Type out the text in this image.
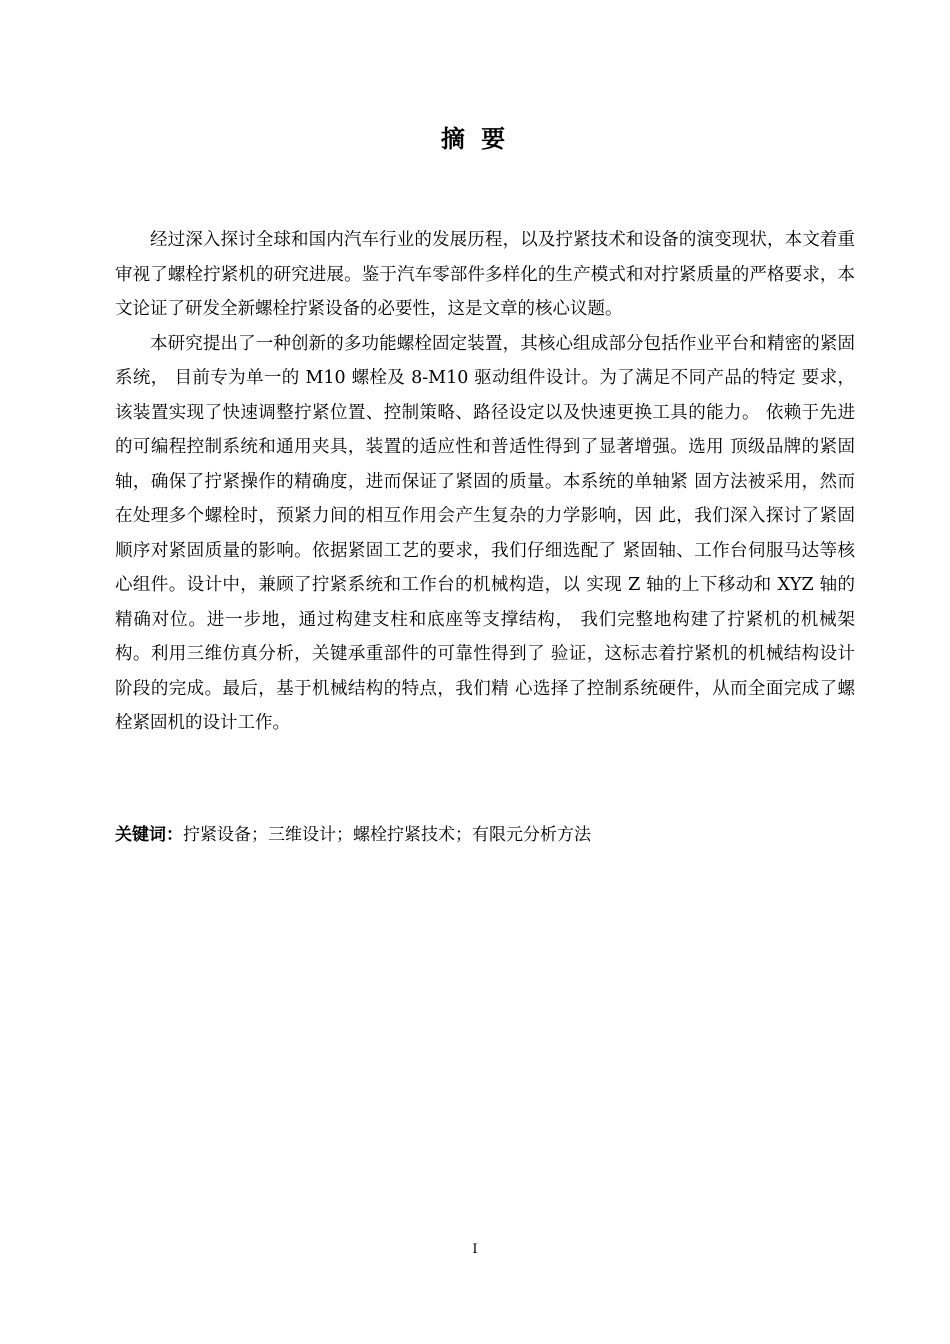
摘 要

经过深入探讨全球和国内汽车行业的发展历程，以及拧紧技术和设备的演变现状，本文着重审视了螺栓拧紧机的研究进展。鉴于汽车零部件多样化的生产模式和对拧紧质量的严格要求，本文论证了研发全新螺栓拧紧设备的必要性，这是文章的核心议题。

本研究提出了一种创新的多功能螺栓固定装置，其核心组成部分包括作业平台和精密的紧固系统， 目前专为单一的 M10 螺栓及 8-M10 驱动组件设计。为了满足不同产品的特定 要求，该装置实现了快速调整拧紧位置、控制策略、路径设定以及快速更换工具的能力。 依赖于先进的可编程控制系统和通用夹具，装置的适应性和普适性得到了显著增强。选用 顶级品牌的紧固轴，确保了拧紧操作的精确度，进而保证了紧固的质量。本系统的单轴紧 固方法被采用，然而在处理多个螺栓时，预紧力间的相互作用会产生复杂的力学影响，因 此，我们深入探讨了紧固顺序对紧固质量的影响。依据紧固工艺的要求，我们仔细选配了 紧固轴、工作台伺服马达等核心组件。设计中，兼顾了拧紧系统和工作台的机械构造，以 实现 Z 轴的上下移动和 XYZ 轴的精确对位。进一步地，通过构建支柱和底座等支撑结构， 我们完整地构建了拧紧机的机械架构。利用三维仿真分析，关键承重部件的可靠性得到了 验证，这标志着拧紧机的机械结构设计阶段的完成。最后，基于机械结构的特点，我们精 心选择了控制系统硬件，从而全面完成了螺栓紧固机的设计工作。

关键词：拧紧设备；三维设计；螺栓拧紧技术；有限元分析方法
I
